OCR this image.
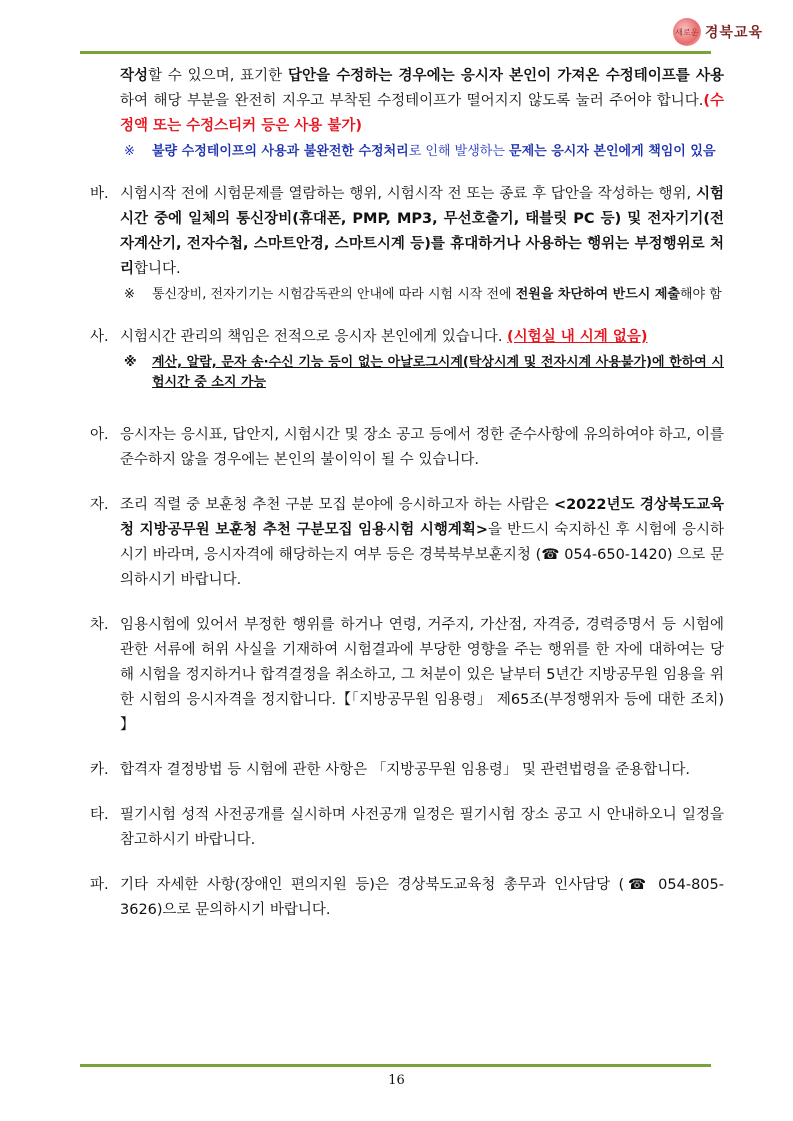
새로운 경북교육
작성할 수 있으며, 표기한 답안을 수정하는 경우에는 응시자 본인이 가져온 수정테이프를 사용하여 해당 부분을 완전히 지우고 부착된 수정테이프가 떨어지지 않도록 눌러 주어야 합니다.(수정액 또는 수정스티커 등은 사용 불가)
※ 불량 수정테이프의 사용과 불완전한 수정처리로 인해 발생하는 문제는 응시자 본인에게 책임이 있음
바. 시험시작 전에 시험문제를 열람하는 행위, 시험시작 전 또는 종료 후 답안을 작성하는 행위, 시험시간 중에 일체의 통신장비(휴대폰, PMP, MP3, 무선호출기, 태블릿 PC 등) 및 전자기기(전자계산기, 전자수첩, 스마트안경, 스마트시계 등)를 휴대하거나 사용하는 행위는 부정행위로 처리합니다.
※ 통신장비, 전자기기는 시험감독관의 안내에 따라 시험 시작 전에 전원을 차단하여 반드시 제출해야 함
사. 시험시간 관리의 책임은 전적으로 응시자 본인에게 있습니다. (시험실 내 시계 없음)
※ 계산, 알람, 문자 송·수신 기능 등이 없는 아날로그시계(탁상시계 및 전자시계 사용불가)에 한하여 시험시간 중 소지 가능
아. 응시자는 응시표, 답안지, 시험시간 및 장소 공고 등에서 정한 준수사항에 유의하여야 하고, 이를 준수하지 않을 경우에는 본인의 불이익이 될 수 있습니다.
자. 조리 직렬 중 보훈청 추천 구분 모집 분야에 응시하고자 하는 사람은 <2022년도 경상북도교육청 지방공무원 보훈청 추천 구분모집 임용시험 시행계획>을 반드시 숙지하신 후 시험에 응시하시기 바라며, 응시자격에 해당하는지 여부 등은 경북북부보훈지청 (☎ 054-650-1420) 으로 문의하시기 바랍니다.
차. 임용시험에 있어서 부정한 행위를 하거나 연령, 거주지, 가산점, 자격증, 경력증명서 등 시험에 관한 서류에 허위 사실을 기재하여 시험결과에 부당한 영향을 주는 행위를 한 자에 대하여는 당해 시험을 정지하거나 합격결정을 취소하고, 그 처분이 있은 날부터 5년간 지방공무원 임용을 위한 시험의 응시자격을 정지합니다.【「지방공무원 임용령」 제65조(부정행위자 등에 대한 조치) 】
카. 합격자 결정방법 등 시험에 관한 사항은 「지방공무원 임용령」 및 관련법령을 준용합니다.
타. 필기시험 성적 사전공개를 실시하며 사전공개 일정은 필기시험 장소 공고 시 안내하오니 일정을 참고하시기 바랍니다.
파. 기타 자세한 사항(장애인 편의지원 등)은 경상북도교육청 총무과 인사담당 (☎ 054-805-3626)으로 문의하시기 바랍니다.
16
